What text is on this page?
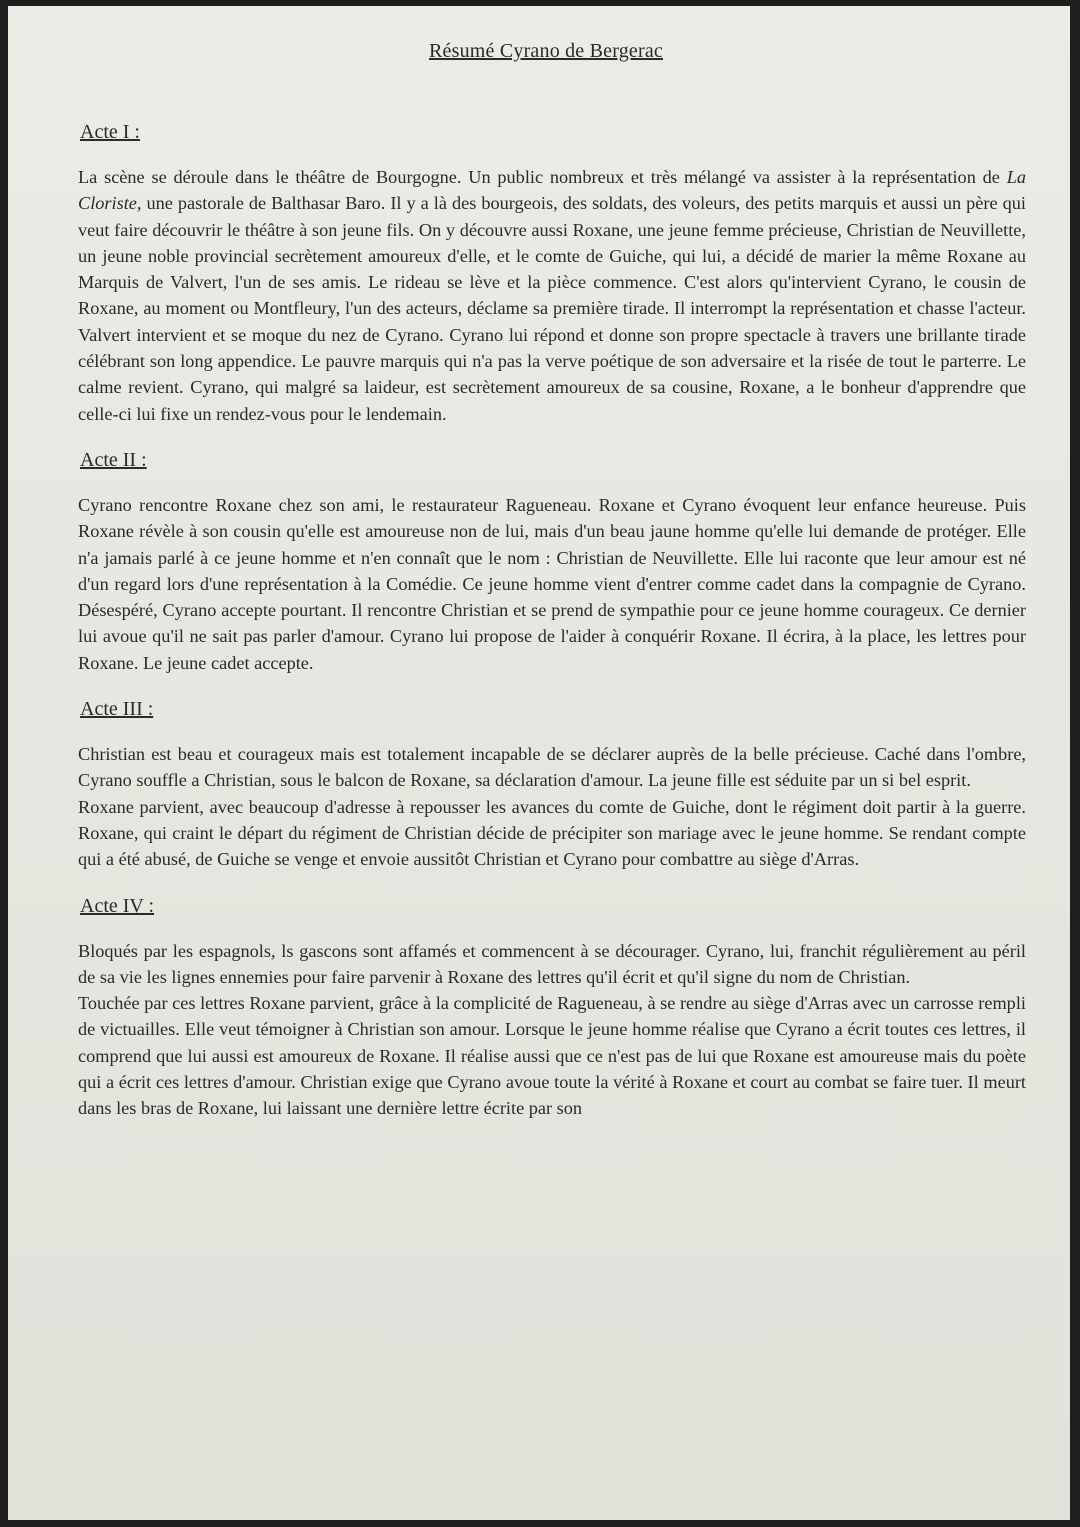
Résumé Cyrano de Bergerac
Acte I :

La scène se déroule dans le théâtre de Bourgogne. Un public nombreux et très mélangé va assister à la représentation de La Cloriste, une pastorale de Balthasar Baro. Il y a là des bourgeois, des soldats, des voleurs, des petits marquis et aussi un père qui veut faire découvrir le théâtre à son jeune fils. On y découvre aussi Roxane, une jeune femme précieuse, Christian de Neuvillette, un jeune noble provincial secrètement amoureux d'elle, et le comte de Guiche, qui lui, a décidé de marier la même Roxane au Marquis de Valvert, l'un de ses amis. Le rideau se lève et la pièce commence. C'est alors qu'intervient Cyrano, le cousin de Roxane, au moment ou Montfleury, l'un des acteurs, déclame sa première tirade. Il interrompt la représentation et chasse l'acteur. Valvert intervient et se moque du nez de Cyrano. Cyrano lui répond et donne son propre spectacle à travers une brillante tirade célébrant son long appendice. Le pauvre marquis qui n'a pas la verve poétique de son adversaire et la risée de tout le parterre. Le calme revient. Cyrano, qui malgré sa laideur, est secrètement amoureux de sa cousine, Roxane, a le bonheur d'apprendre que celle-ci lui fixe un rendez-vous pour le lendemain.

Acte II :

Cyrano rencontre Roxane chez son ami, le restaurateur Ragueneau. Roxane et Cyrano évoquent leur enfance heureuse. Puis Roxane révèle à son cousin qu'elle est amoureuse non de lui, mais d'un beau jaune homme qu'elle lui demande de protéger. Elle n'a jamais parlé à ce jeune homme et n'en connaît que le nom : Christian de Neuvillette. Elle lui raconte que leur amour est né d'un regard lors d'une représentation à la Comédie. Ce jeune homme vient d'entrer comme cadet dans la compagnie de Cyrano. Désespéré, Cyrano accepte pourtant. Il rencontre Christian et se prend de sympathie pour ce jeune homme courageux. Ce dernier lui avoue qu'il ne sait pas parler d'amour. Cyrano lui propose de l'aider à conquérir Roxane. Il écrira, à la place, les lettres pour Roxane. Le jeune cadet accepte.

Acte III :

Christian est beau et courageux mais est totalement incapable de se déclarer auprès de la belle précieuse. Caché dans l'ombre, Cyrano souffle a Christian, sous le balcon de Roxane, sa déclaration d'amour. La jeune fille est séduite par un si bel esprit.

Roxane parvient, avec beaucoup d'adresse à repousser les avances du comte de Guiche, dont le régiment doit partir à la guerre. Roxane, qui craint le départ du régiment de Christian décide de précipiter son mariage avec le jeune homme. Se rendant compte qui a été abusé, de Guiche se venge et envoie aussitôt Christian et Cyrano pour combattre au siège d'Arras.

Acte IV :

Bloqués par les espagnols, ls gascons sont affamés et commencent à se décourager. Cyrano, lui, franchit régulièrement au péril de sa vie les lignes ennemies pour faire parvenir à Roxane des lettres qu'il écrit et qu'il signe du nom de Christian.

Touchée par ces lettres Roxane parvient, grâce à la complicité de Ragueneau, à se rendre au siège d'Arras avec un carrosse rempli de victuailles. Elle veut témoigner à Christian son amour. Lorsque le jeune homme réalise que Cyrano a écrit toutes ces lettres, il comprend que lui aussi est amoureux de Roxane. Il réalise aussi que ce n'est pas de lui que Roxane est amoureuse mais du poète qui a écrit ces lettres d'amour. Christian exige que Cyrano avoue toute la vérité à Roxane et court au combat se faire tuer. Il meurt dans les bras de Roxane, lui laissant une dernière lettre écrite par son
